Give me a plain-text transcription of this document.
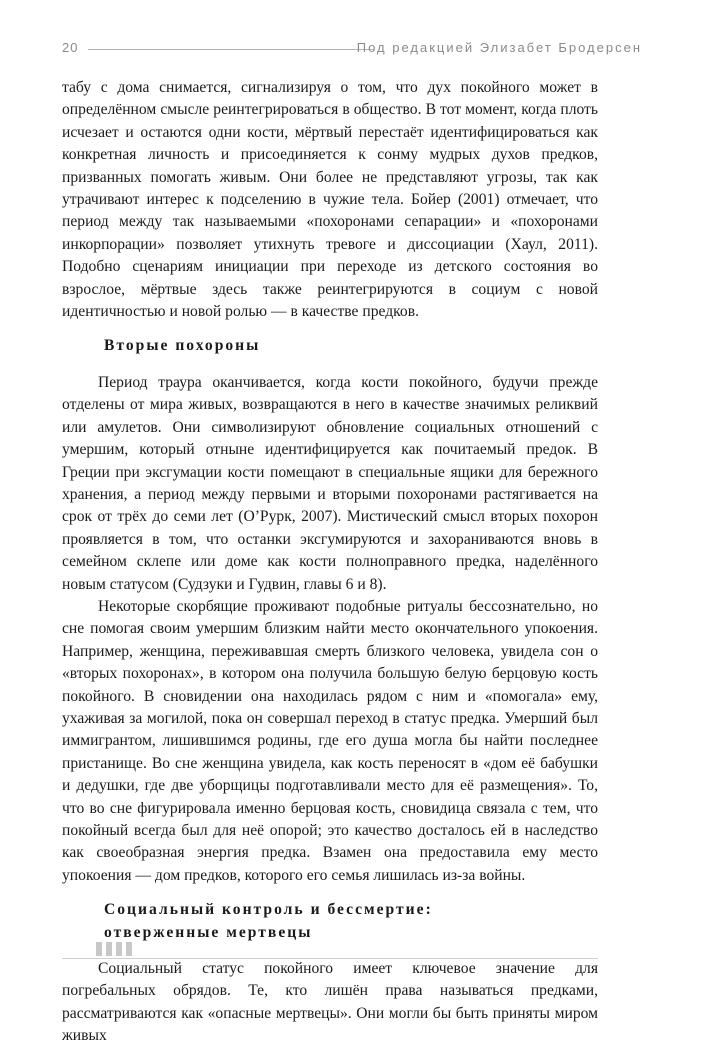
20	Под редакцией Элизабет Бродерсен

табу с дома снимается, сигнализируя о том, что дух покойного может в определённом смысле реинтегрироваться в общество. В тот момент, когда плоть исчезает и остаются одни кости, мёртвый перестаёт идентифицироваться как конкретная личность и присоединяется к сонму мудрых духов предков, призванных помогать живым. Они более не представляют угрозы, так как утрачивают интерес к подселению в чужие тела. Бойер (2001) отмечает, что период между так называемыми «похоронами сепарации» и «похоронами инкорпорации» позволяет утихнуть тревоге и диссоциации (Хаул, 2011). Подобно сценариям инициации при переходе из детского состояния во взрослое, мёртвые здесь также реинтегрируются в социум с новой идентичностью и новой ролью — в качестве предков.

Вторые похороны

Период траура оканчивается, когда кости покойного, будучи прежде отделены от мира живых, возвращаются в него в качестве значимых реликвий или амулетов. Они символизируют обновление социальных отношений с умершим, который отныне идентифицируется как почитаемый предок. В Греции при эксгумации кости помещают в специальные ящики для бережного хранения, а период между первыми и вторыми похоронами растягивается на срок от трёх до семи лет (О’Рурк, 2007). Мистический смысл вторых похорон проявляется в том, что останки эксгумируются и захораниваются вновь в семейном склепе или доме как кости полноправного предка, наделённого новым статусом (Судзуки и Гудвин, главы 6 и 8).

Некоторые скорбящие проживают подобные ритуалы бессознательно, но сне помогая своим умершим близким найти место окончательного упокоения. Например, женщина, переживавшая смерть близкого человека, увидела сон о «вторых похоронах», в котором она получила большую белую берцовую кость покойного. В сновидении она находилась рядом с ним и «помогала» ему, ухаживая за могилой, пока он совершал переход в статус предка. Умерший был иммигрантом, лишившимся родины, где его душа могла бы найти последнее пристанище. Во сне женщина увидела, как кость переносят в «дом её бабушки и дедушки, где две уборщицы подготавливали место для её размещения». То, что во сне фигурировала именно берцовая кость, сновидица связала с тем, что покойный всегда был для неё опорой; это качество досталось ей в наследство как своеобразная энергия предка. Взамен она предоставила ему место упокоения — дом предков, которого его семья лишилась из-за войны.

Социальный контроль и бессмертие:
отверженные мертвецы

Социальный статус покойного имеет ключевое значение для погребальных обрядов. Те, кто лишён права называться предками, рассматриваются как «опасные мертвецы». Они могли бы быть приняты миром живых
